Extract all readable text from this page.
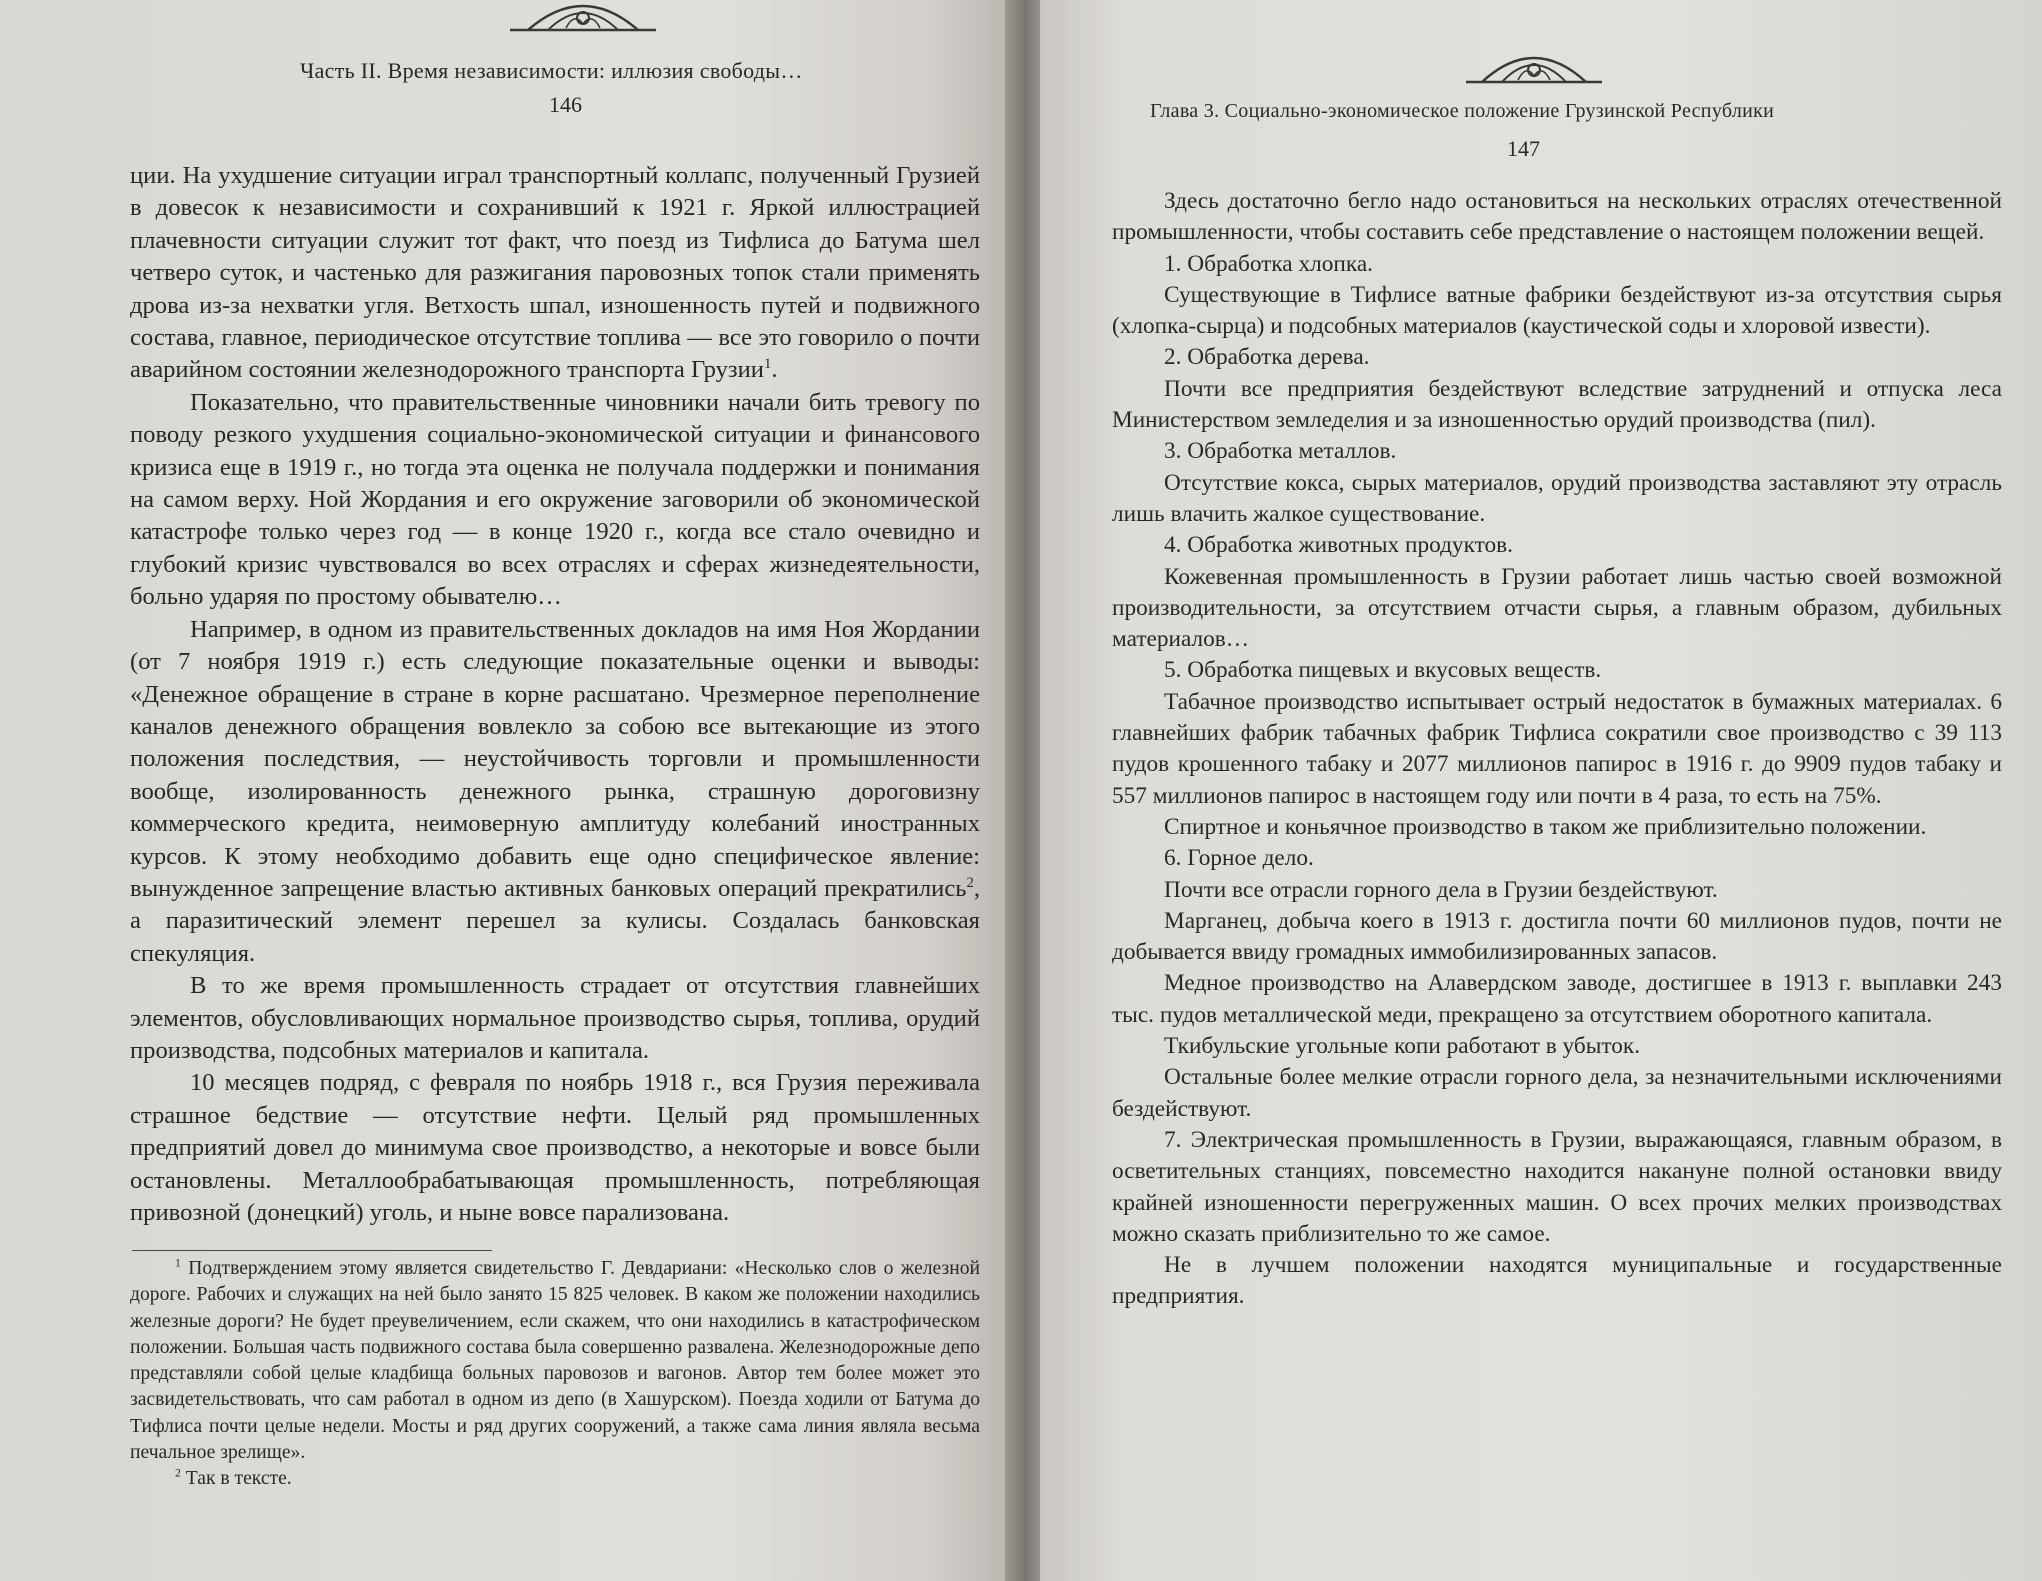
Часть II. Время независимости: иллюзия свободы…
146

ции. На ухудшение ситуации играл транспортный коллапс, полученный Грузией в довесок к независимости и сохранивший к 1921 г. Яркой иллюстрацией плачевности ситуации служит тот факт, что поезд из Тифлиса до Батума шел четверо суток, и частенько для разжигания паровозных топок стали применять дрова из-за нехватки угля. Ветхость шпал, изношенность путей и подвижного состава, главное, периодическое отсутствие топлива — все это говорило о почти аварийном состоянии железнодорожного транспорта Грузии$^1$.

Показательно, что правительственные чиновники начали бить тревогу по поводу резкого ухудшения социально-экономической ситуации и финансового кризиса еще в 1919 г., но тогда эта оценка не получала поддержки и понимания на самом верху. Ной Жордания и его окружение заговорили об экономической катастрофе только через год — в конце 1920 г., когда все стало очевидно и глубокий кризис чувствовался во всех отраслях и сферах жизнедеятельности, больно ударяя по простому обывателю…

Например, в одном из правительственных докладов на имя Ноя Жордании (от 7 ноября 1919 г.) есть следующие показательные оценки и выводы: «Денежное обращение в стране в корне расшатано. Чрезмерное переполнение каналов денежного обращения вовлекло за собою все вытекающие из этого положения последствия, — неустойчивость торговли и промышленности вообще, изолированность денежного рынка, страшную дороговизну коммерческого кредита, неимоверную амплитуду колебаний иностранных курсов. К этому необходимо добавить еще одно специфическое явление: вынужденное запрещение властью активных банковых операций прекратились$^2$, а паразитический элемент перешел за кулисы. Создалась банковская спекуляция.

В то же время промышленность страдает от отсутствия главнейших элементов, обусловливающих нормальное производство сырья, топлива, орудий производства, подсобных материалов и капитала.

10 месяцев подряд, с февраля по ноябрь 1918 г., вся Грузия переживала страшное бедствие — отсутствие нефти. Целый ряд промышленных предприятий довел до минимума свое производство, а некоторые и вовсе были остановлены. Металлообрабатывающая промышленность, потребляющая привозной (донецкий) уголь, и ныне вовсе парализована.

$^1$ Подтверждением этому является свидетельство Г. Девдариани: «Несколько слов о железной дороге. Рабочих и служащих на ней было занято 15 825 человек. В каком же положении находились железные дороги? Не будет преувеличением, если скажем, что они находились в катастрофическом положении. Большая часть подвижного состава была совершенно развалена. Железнодорожные депо представляли собой целые кладбища больных паровозов и вагонов. Автор тем более может это засвидетельствовать, что сам работал в одном из депо (в Хашурском). Поезда ходили от Батума до Тифлиса почти целые недели. Мосты и ряд других сооружений, а также сама линия являла весьма печальное зрелище».

$^2$ Так в тексте.

Глава 3. Социально-экономическое положение Грузинской Республики
147

Здесь достаточно бегло надо остановиться на нескольких отраслях отечественной промышленности, чтобы составить себе представление о настоящем положении вещей.

1. Обработка хлопка.

Существующие в Тифлисе ватные фабрики бездействуют из-за отсутствия сырья (хлопка-сырца) и подсобных материалов (каустической соды и хлоровой извести).

2. Обработка дерева.

Почти все предприятия бездействуют вследствие затруднений и отпуска леса Министерством земледелия и за изношенностью орудий производства (пил).

3. Обработка металлов.

Отсутствие кокса, сырых материалов, орудий производства заставляют эту отрасль лишь влачить жалкое существование.

4. Обработка животных продуктов.

Кожевенная промышленность в Грузии работает лишь частью своей возможной производительности, за отсутствием отчасти сырья, а главным образом, дубильных материалов…

5. Обработка пищевых и вкусовых веществ.

Табачное производство испытывает острый недостаток в бумажных материалах. 6 главнейших фабрик табачных фабрик Тифлиса сократили свое производство с 39 113 пудов крошенного табаку и 2077 миллионов папирос в 1916 г. до 9909 пудов табаку и 557 миллионов папирос в настоящем году или почти в 4 раза, то есть на 75%.

Спиртное и коньячное производство в таком же приблизительно положении.

6. Горное дело.

Почти все отрасли горного дела в Грузии бездействуют.

Марганец, добыча коего в 1913 г. достигла почти 60 миллионов пудов, почти не добывается ввиду громадных иммобилизированных запасов.

Медное производство на Алавердском заводе, достигшее в 1913 г. выплавки 243 тыс. пудов металлической меди, прекращено за отсутствием оборотного капитала.

Ткибульские угольные копи работают в убыток.

Остальные более мелкие отрасли горного дела, за незначительными исключениями бездействуют.

7. Электрическая промышленность в Грузии, выражающаяся, главным образом, в осветительных станциях, повсеместно находится накануне полной остановки ввиду крайней изношенности перегруженных машин. О всех прочих мелких производствах можно сказать приблизительно то же самое.

Не в лучшем положении находятся муниципальные и государственные предприятия.
